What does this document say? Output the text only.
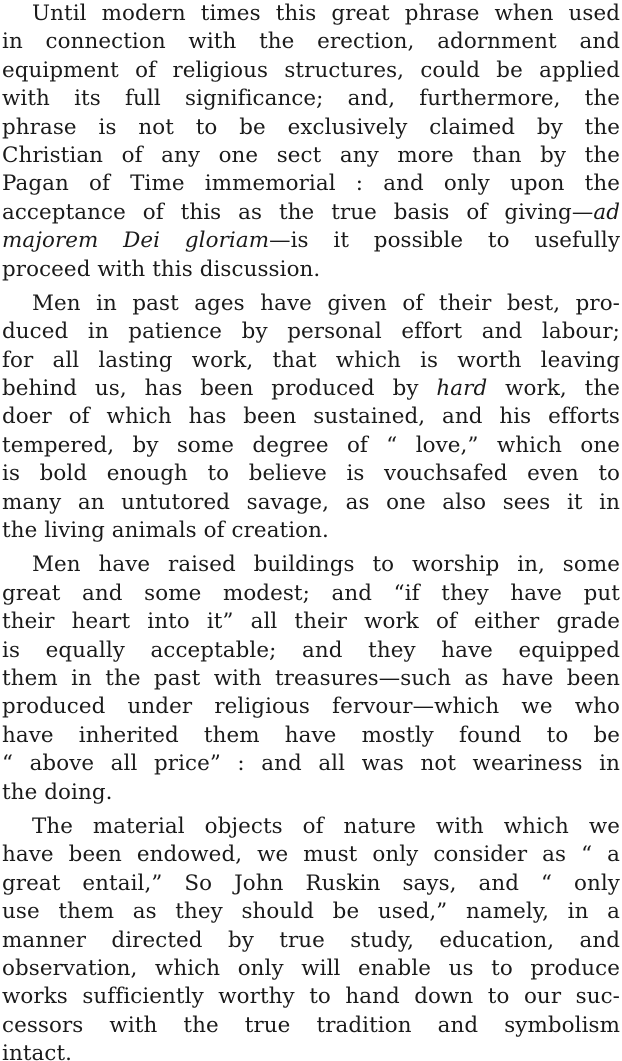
Until modern times this great phrase when used
in connection with the erection, adornment and
equipment of religious structures, could be applied
with its full significance; and, furthermore, the
phrase is not to be exclusively claimed by the
Christian of any one sect any more than by the
Pagan of Time immemorial : and only upon the
acceptance of this as the true basis of giving—ad
majorem Dei gloriam—is it possible to usefully
proceed with this discussion.
Men in past ages have given of their best, pro-
duced in patience by personal effort and labour;
for all lasting work, that which is worth leaving
behind us, has been produced by hard work, the
doer of which has been sustained, and his efforts
tempered, by some degree of “ love,” which one
is bold enough to believe is vouchsafed even to
many an untutored savage, as one also sees it in
the living animals of creation.
Men have raised buildings to worship in, some
great and some modest; and “if they have put
their heart into it” all their work of either grade
is equally acceptable; and they have equipped
them in the past with treasures—such as have been
produced under religious fervour—which we who
have inherited them have mostly found to be
“ above all price” : and all was not weariness in
the doing.
The material objects of nature with which we
have been endowed, we must only consider as “ a
great entail,” So John Ruskin says, and “ only
use them as they should be used,” namely, in a
manner directed by true study, education, and
observation, which only will enable us to produce
works sufficiently worthy to hand down to our suc-
cessors with the true tradition and symbolism
intact.
